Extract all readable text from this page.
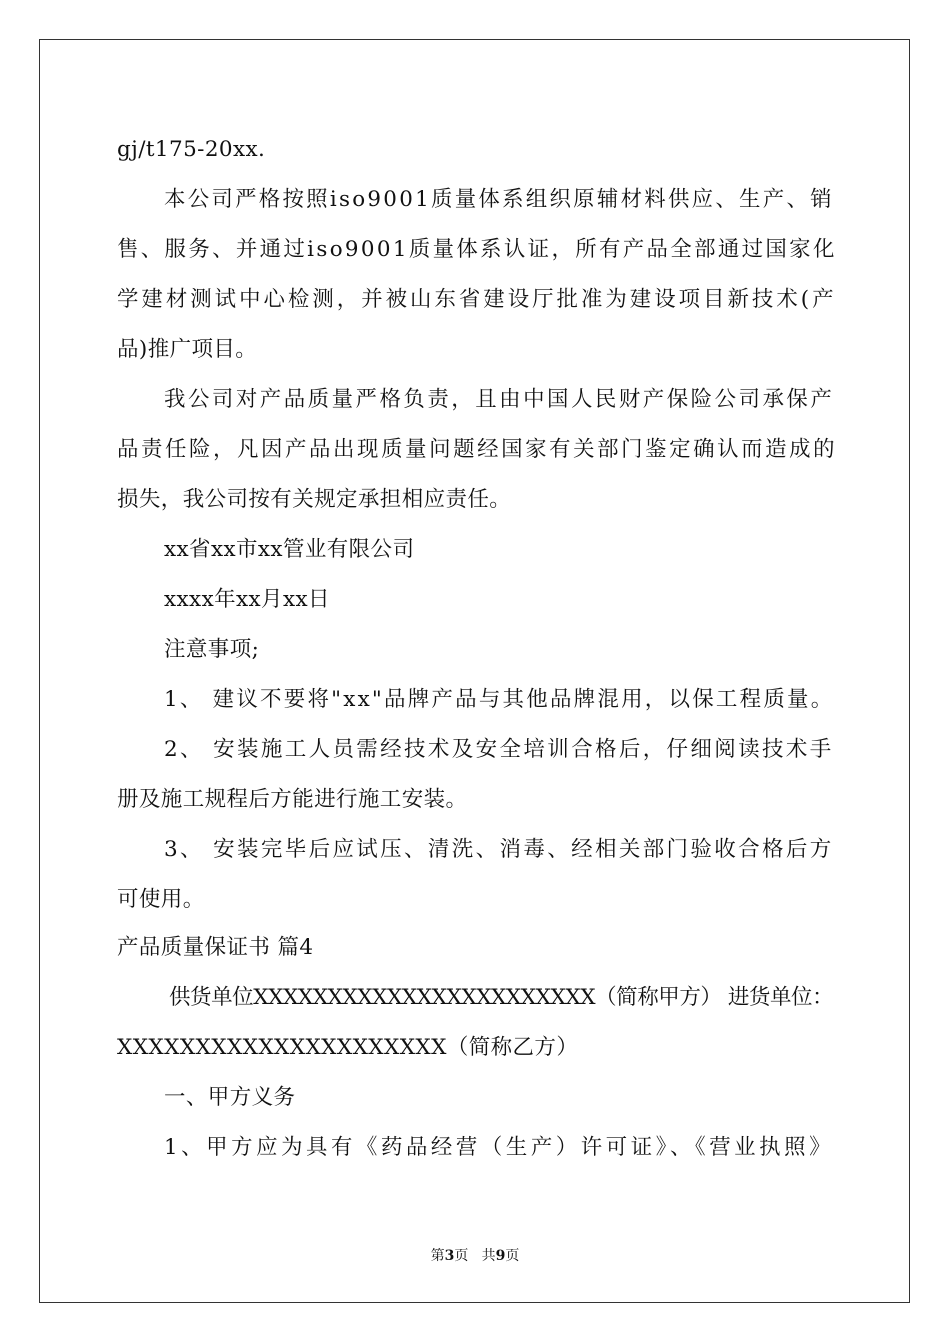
gj/t175-20xx.
本公司严格按照iso9001质量体系组织原辅材料供应、生产、销
售、服务、并通过iso9001质量体系认证，所有产品全部通过国家化
学建材测试中心检测，并被山东省建设厅批准为建设项目新技术(产
品)推广项目。
我公司对产品质量严格负责，且由中国人民财产保险公司承保产
品责任险，凡因产品出现质量问题经国家有关部门鉴定确认而造成的
损失，我公司按有关规定承担相应责任。
xx省xx市xx管业有限公司
xxxx年xx月xx日
注意事项;
1、 建议不要将"xx"品牌产品与其他品牌混用，以保工程质量。
2、 安装施工人员需经技术及安全培训合格后，仔细阅读技术手
册及施工规程后方能进行施工安装。
3、 安装完毕后应试压、清洗、消毒、经相关部门验收合格后方
可使用。
产品质量保证书 篇4
供货单位XXXXXXXXXXXXXXXXXXXXXXX（简称甲方） 进货单位：
XXXXXXXXXXXXXXXXXXXXX（简称乙方）
一、甲方义务
1、甲方应为具有《药品经营（生产）许可证》、《营业执照》
第3页   共9页
